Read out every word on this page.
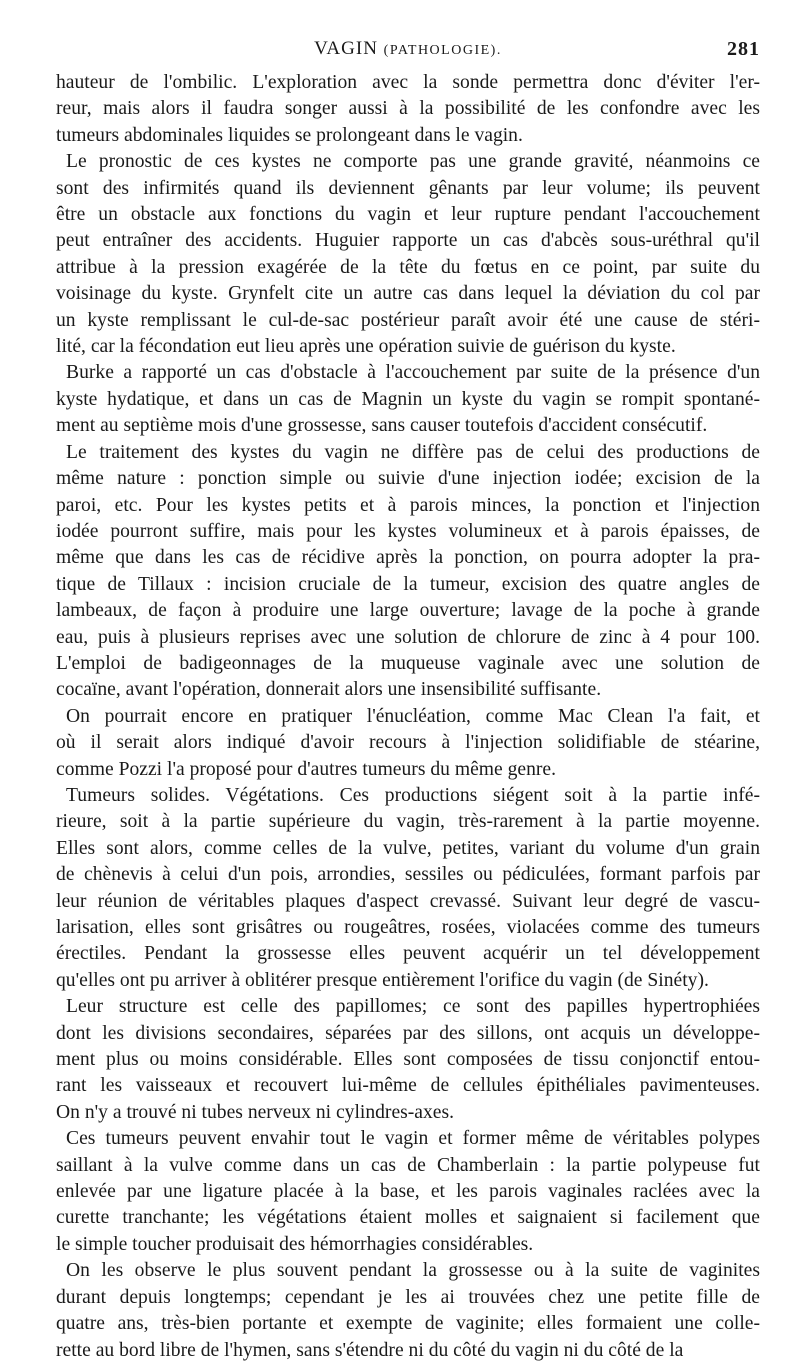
VAGIN (PATHOLOGIE).	281

hauteur de l'ombilic. L'exploration avec la sonde permettra donc d'éviter l'er-
reur, mais alors il faudra songer aussi à la possibilité de les confondre avec les
tumeurs abdominales liquides se prolongeant dans le vagin.

Le pronostic de ces kystes ne comporte pas une grande gravité, néanmoins ce
sont des infirmités quand ils deviennent gênants par leur volume; ils peuvent
être un obstacle aux fonctions du vagin et leur rupture pendant l'accouchement
peut entraîner des accidents. Huguier rapporte un cas d'abcès sous-uréthral qu'il
attribue à la pression exagérée de la tête du fœtus en ce point, par suite du
voisinage du kyste. Grynfelt cite un autre cas dans lequel la déviation du col par
un kyste remplissant le cul-de-sac postérieur paraît avoir été une cause de stéri-
lité, car la fécondation eut lieu après une opération suivie de guérison du kyste.

Burke a rapporté un cas d'obstacle à l'accouchement par suite de la présence d'un
kyste hydatique, et dans un cas de Magnin un kyste du vagin se rompit spontané-
ment au septième mois d'une grossesse, sans causer toutefois d'accident consécutif.

Le traitement des kystes du vagin ne diffère pas de celui des productions de
même nature : ponction simple ou suivie d'une injection iodée; excision de la
paroi, etc. Pour les kystes petits et à parois minces, la ponction et l'injection
iodée pourront suffire, mais pour les kystes volumineux et à parois épaisses, de
même que dans les cas de récidive après la ponction, on pourra adopter la pra-
tique de Tillaux : incision cruciale de la tumeur, excision des quatre angles de
lambeaux, de façon à produire une large ouverture; lavage de la poche à grande
eau, puis à plusieurs reprises avec une solution de chlorure de zinc à 4 pour 100.
L'emploi de badigeonnages de la muqueuse vaginale avec une solution de
cocaïne, avant l'opération, donnerait alors une insensibilité suffisante.

On pourrait encore en pratiquer l'énucléation, comme Mac Clean l'a fait, et
où il serait alors indiqué d'avoir recours à l'injection solidifiable de stéarine,
comme Pozzi l'a proposé pour d'autres tumeurs du même genre.

Tumeurs solides. Végétations. Ces productions siégent soit à la partie infé-
rieure, soit à la partie supérieure du vagin, très-rarement à la partie moyenne.
Elles sont alors, comme celles de la vulve, petites, variant du volume d'un grain
de chènevis à celui d'un pois, arrondies, sessiles ou pédiculées, formant parfois par
leur réunion de véritables plaques d'aspect crevassé. Suivant leur degré de vascu-
larisation, elles sont grisâtres ou rougeâtres, rosées, violacées comme des tumeurs
érectiles. Pendant la grossesse elles peuvent acquérir un tel développement
qu'elles ont pu arriver à oblitérer presque entièrement l'orifice du vagin (de Sinéty).

Leur structure est celle des papillomes; ce sont des papilles hypertrophiées
dont les divisions secondaires, séparées par des sillons, ont acquis un développe-
ment plus ou moins considérable. Elles sont composées de tissu conjonctif entou-
rant les vaisseaux et recouvert lui-même de cellules épithéliales pavimenteuses.
On n'y a trouvé ni tubes nerveux ni cylindres-axes.

Ces tumeurs peuvent envahir tout le vagin et former même de véritables polypes
saillant à la vulve comme dans un cas de Chamberlain : la partie polypeuse fut
enlevée par une ligature placée à la base, et les parois vaginales raclées avec la
curette tranchante; les végétations étaient molles et saignaient si facilement que
le simple toucher produisait des hémorrhagies considérables.

On les observe le plus souvent pendant la grossesse ou à la suite de vaginites
durant depuis longtemps; cependant je les ai trouvées chez une petite fille de
quatre ans, très-bien portante et exempte de vaginite; elles formaient une colle-
rette au bord libre de l'hymen, sans s'étendre ni du côté du vagin ni du côté de la
